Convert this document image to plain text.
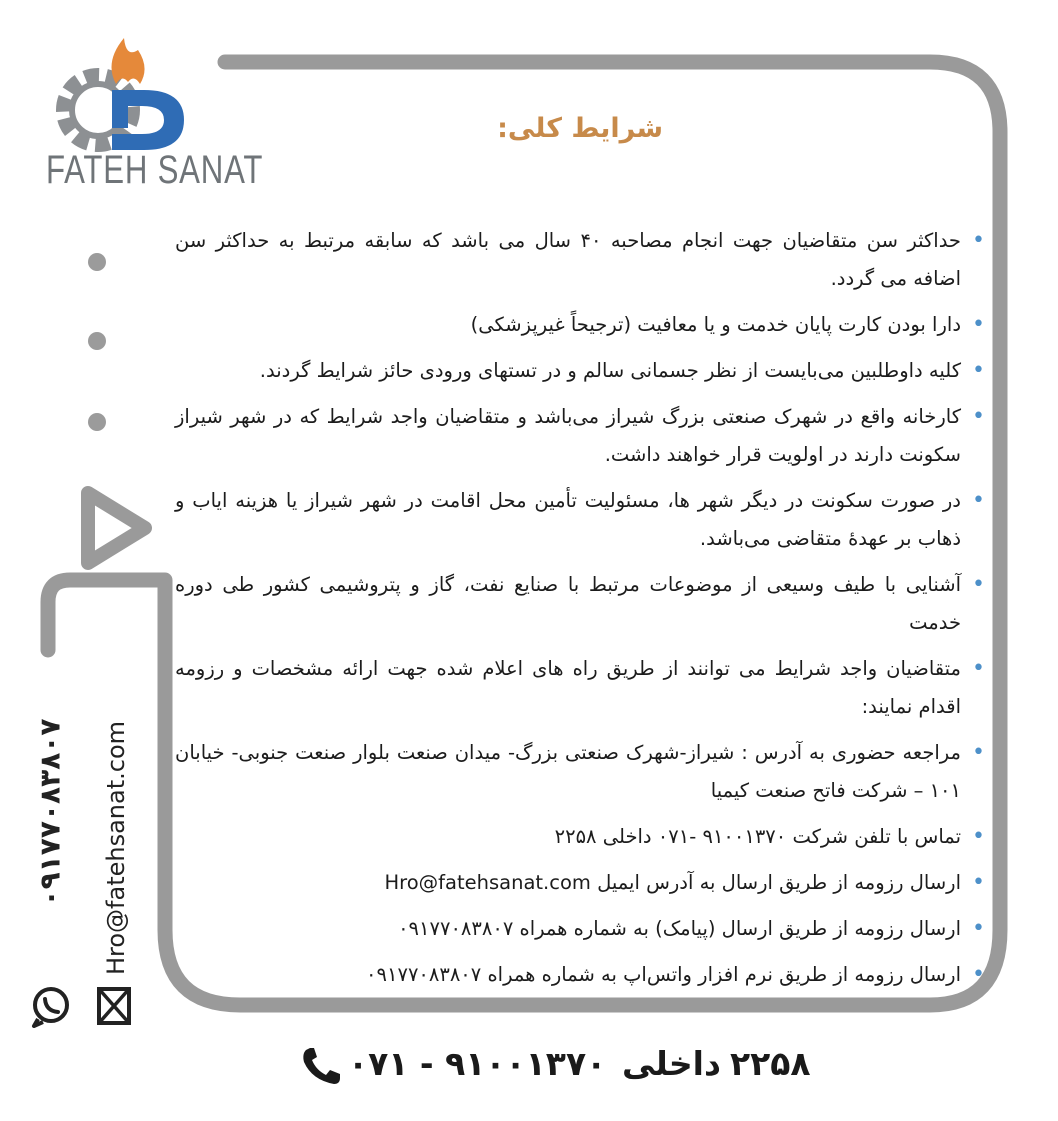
FATEH SANAT
شرایط کلی:
• حداکثر سن متقاضیان جهت انجام مصاحبه ۴۰ سال می باشد که سابقه مرتبط به حداکثر سن اضافه می گردد.
• دارا بودن کارت پایان خدمت و یا معافیت (ترجیحاً غیرپزشکی)
• کلیه داوطلبین می‌بایست از نظر جسمانی سالم و در تستهای ورودی حائز شرایط گردند.
• کارخانه واقع در شهرک صنعتی بزرگ شیراز می‌باشد و متقاضیان واجد شرایط که در شهر شیراز سکونت دارند در اولویت قرار خواهند داشت.
• در صورت سکونت در دیگر شهر ها، مسئولیت تأمین محل اقامت در شهر شیراز یا هزینه ایاب و ذهاب بر عهدهٔ متقاضی می‌باشد.
• آشنایی با طیف وسیعی از موضوعات مرتبط با صنایع نفت، گاز و پتروشیمی کشور طی دوره خدمت
• متقاضیان واجد شرایط می توانند از طریق راه های اعلام شده جهت ارائه مشخصات و رزومه اقدام نمایند:
• مراجعه حضوری به آدرس : شیراز-شهرک صنعتی بزرگ- میدان صنعت بلوار صنعت جنوبی- خیابان ۱۰۱ – شرکت فاتح صنعت کیمیا
• تماس با تلفن شرکت ۹۱۰۰۱۳۷۰ -۰۷۱ داخلی ۲۲۵۸
• ارسال رزومه از طریق ارسال به آدرس ایمیل Hro@fatehsanat.com
• ارسال رزومه از طریق ارسال (پیامک) به شماره همراه ۰۹۱۷۷۰۸۳۸۰۷
• ارسال رزومه از طریق نرم افزار واتس‌اپ به شماره همراه ۰۹۱۷۷۰۸۳۸۰۷
۰۹۱۷۷۰۸۳۸۰۷ Hro@fatehsanat.com
۰۷۱ - ۹۱۰۰۱۳۷۰ داخلی ۲۲۵۸
